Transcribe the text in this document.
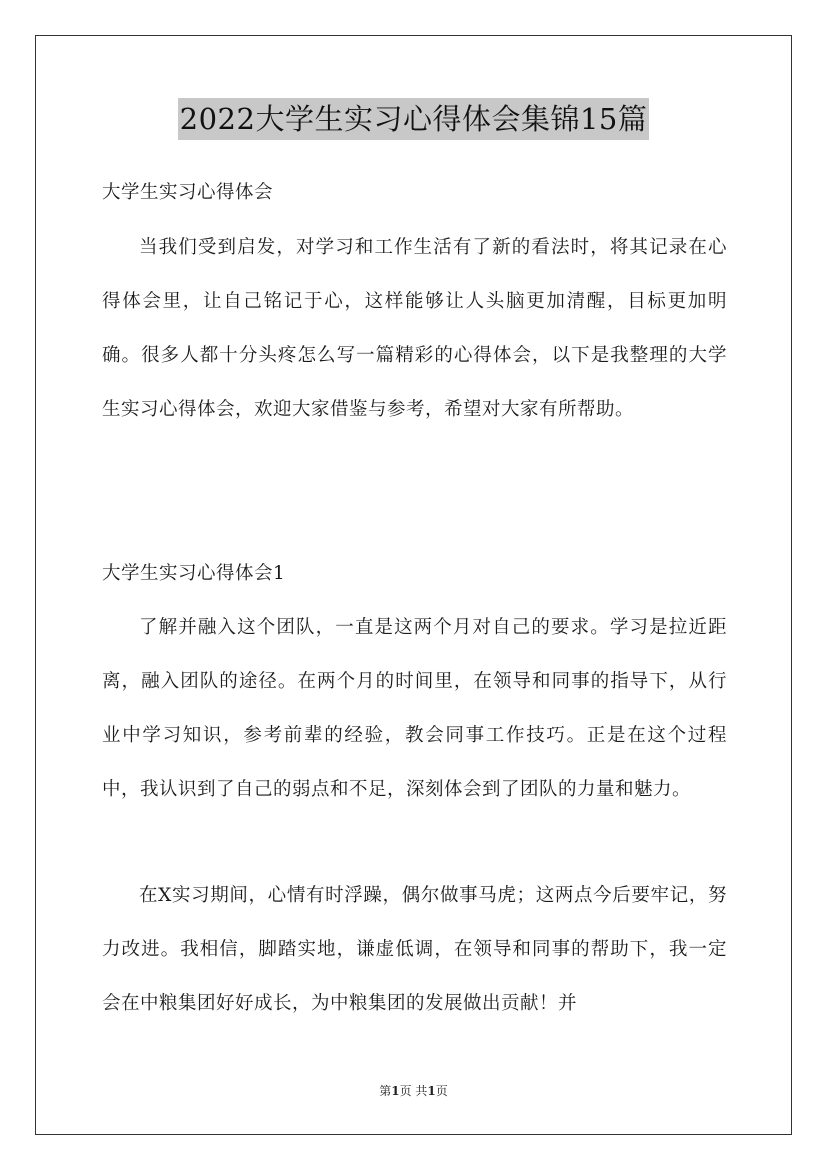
2022大学生实习心得体会集锦15篇
大学生实习心得体会

当我们受到启发，对学习和工作生活有了新的看法时，将其记录在心得体会里，让自己铭记于心，这样能够让人头脑更加清醒，目标更加明确。很多人都十分头疼怎么写一篇精彩的心得体会，以下是我整理的大学生实习心得体会，欢迎大家借鉴与参考，希望对大家有所帮助。

大学生实习心得体会1

了解并融入这个团队，一直是这两个月对自己的要求。学习是拉近距离，融入团队的途径。在两个月的时间里，在领导和同事的指导下，从行业中学习知识，参考前辈的经验，教会同事工作技巧。正是在这个过程中，我认识到了自己的弱点和不足，深刻体会到了团队的力量和魅力。

在X实习期间，心情有时浮躁，偶尔做事马虎；这两点今后要牢记，努力改进。我相信，脚踏实地，谦虚低调，在领导和同事的帮助下，我一定会在中粮集团好好成长，为中粮集团的发展做出贡献！并

第1页 共1页
